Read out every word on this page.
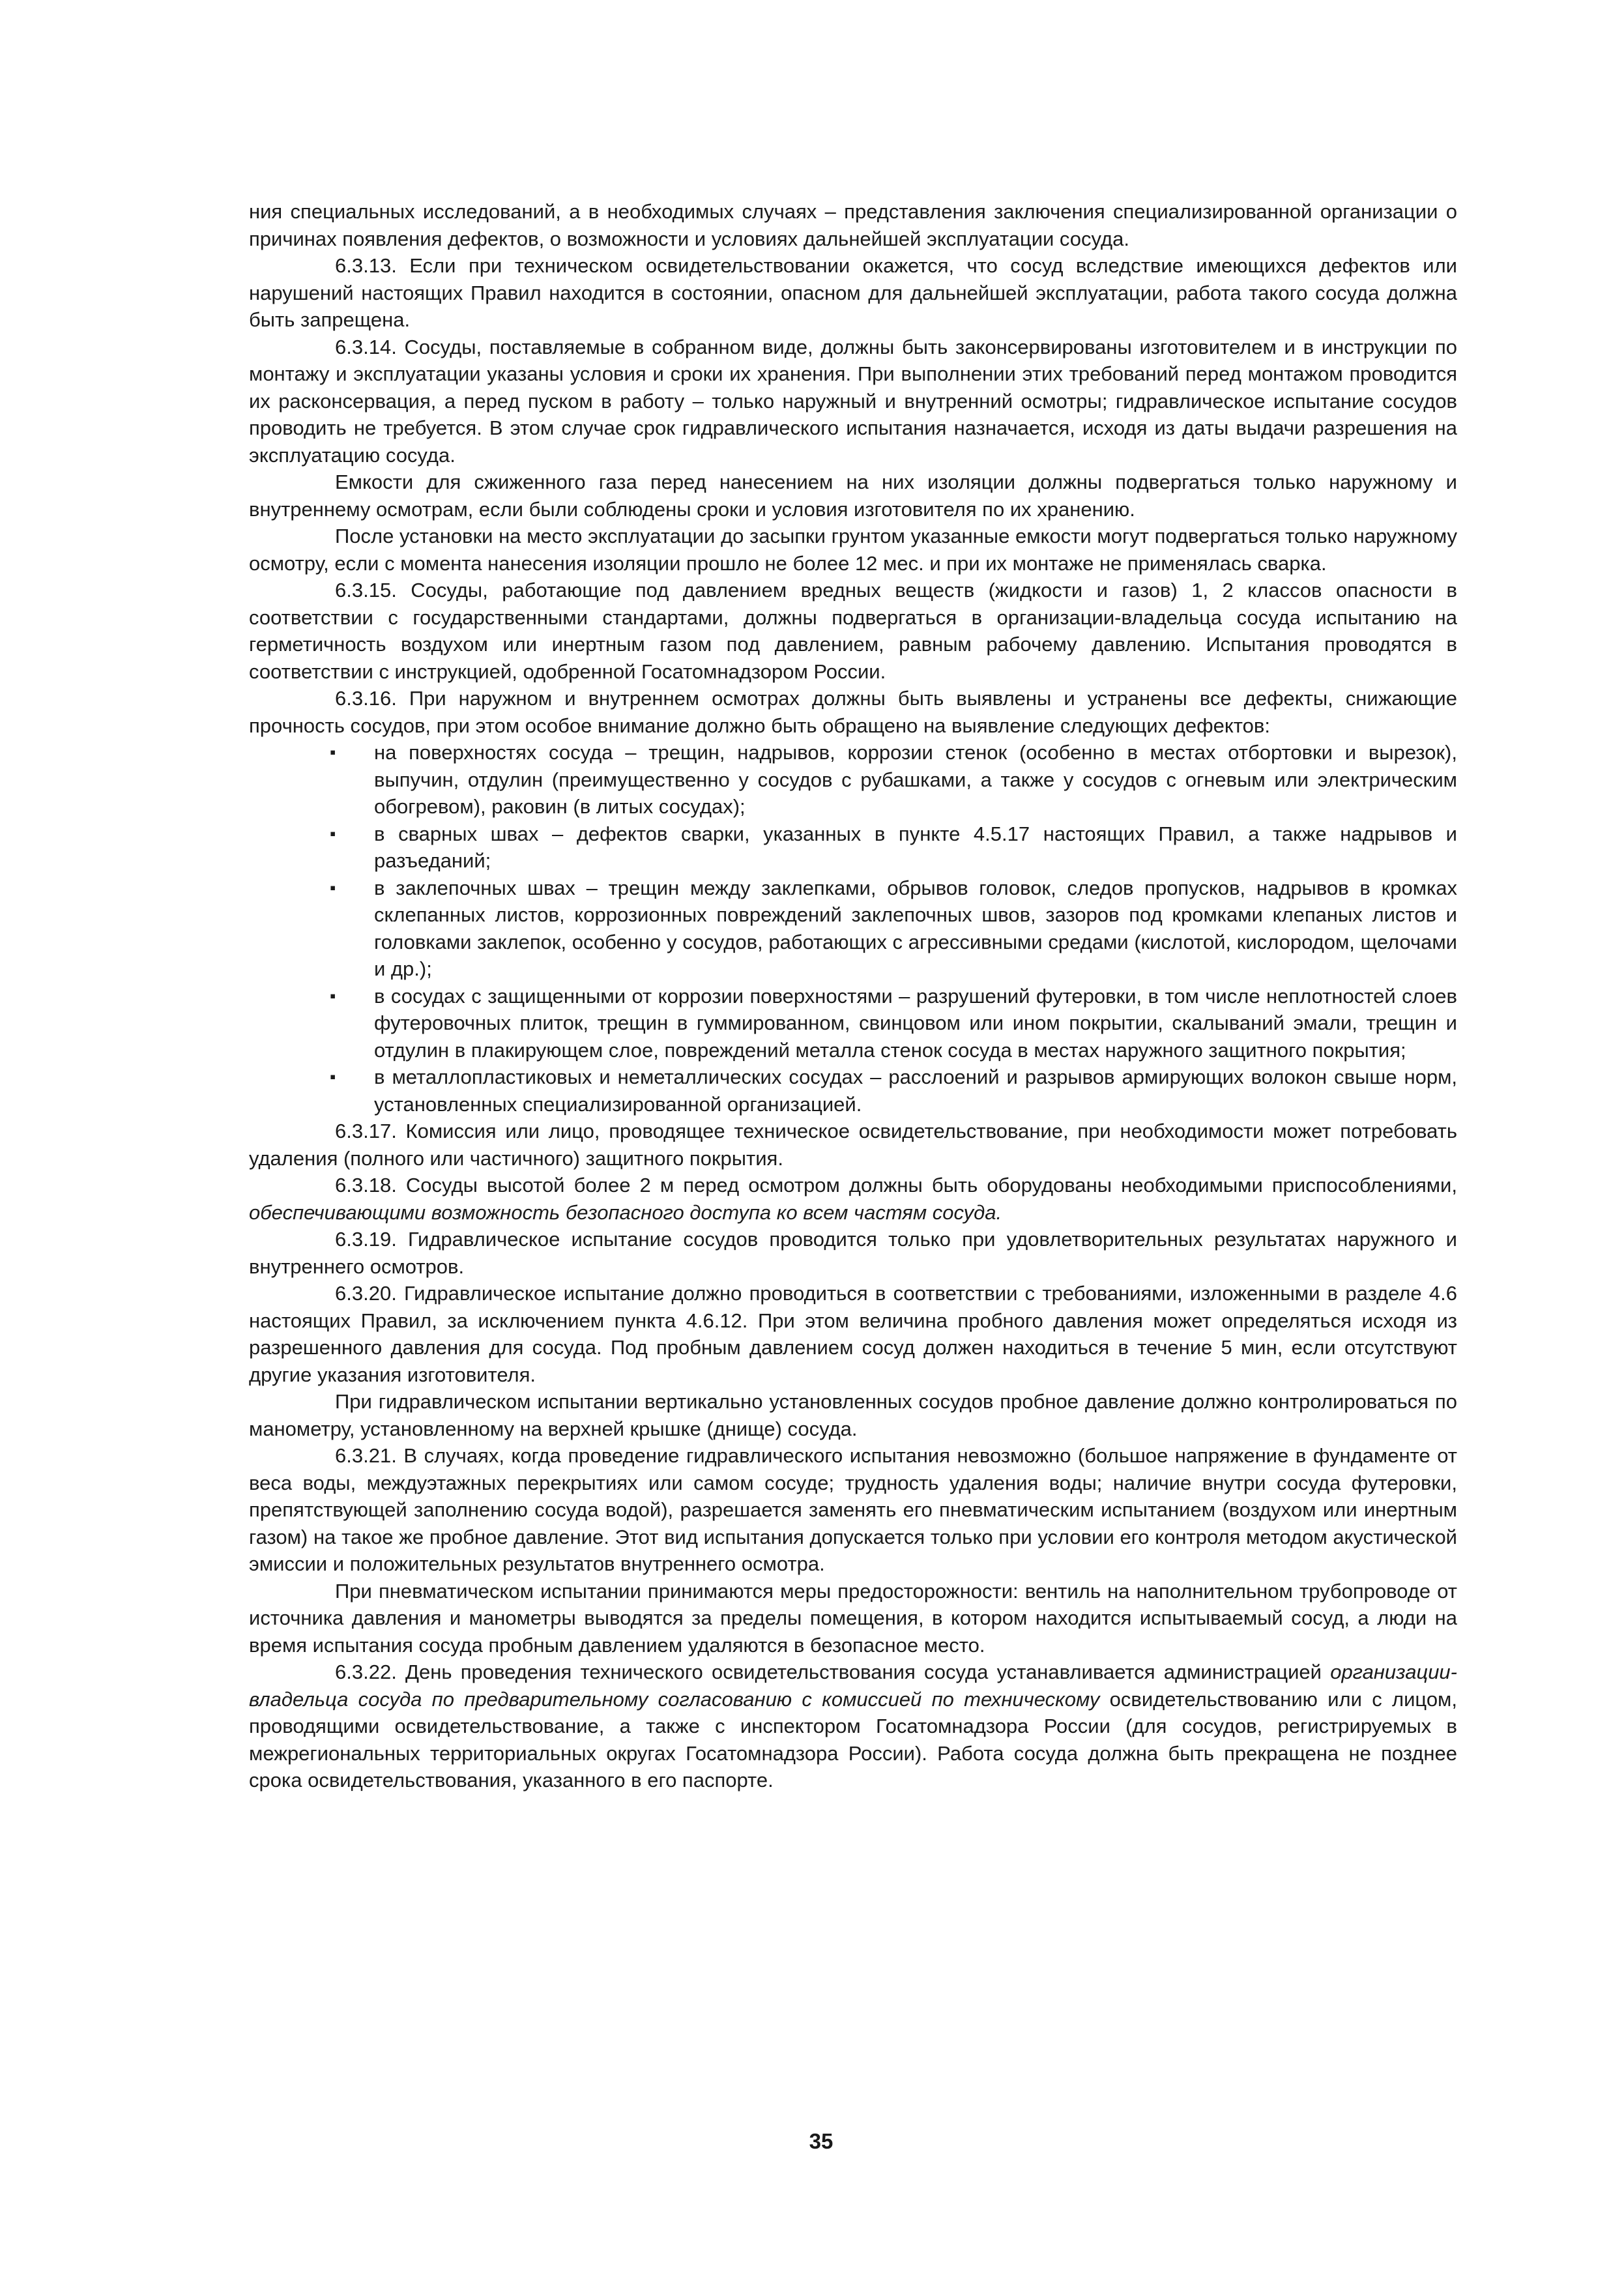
ния специальных исследований, а в необходимых случаях – представления заключения специализированной организации о причинах появления дефектов, о возможности и условиях дальнейшей эксплуатации сосуда.

6.3.13. Если при техническом освидетельствовании окажется, что сосуд вследствие имеющихся дефектов или нарушений настоящих Правил находится в состоянии, опасном для дальнейшей эксплуатации, работа такого сосуда должна быть запрещена.

6.3.14. Сосуды, поставляемые в собранном виде, должны быть законсервированы изготовителем и в инструкции по монтажу и эксплуатации указаны условия и сроки их хранения. При выполнении этих требований перед монтажом проводится их расконсервация, а перед пуском в работу – только наружный и внутренний осмотры; гидравлическое испытание сосудов проводить не требуется. В этом случае срок гидравлического испытания назначается, исходя из даты выдачи разрешения на эксплуатацию сосуда.

Емкости для сжиженного газа перед нанесением на них изоляции должны подвергаться только наружному и внутреннему осмотрам, если были соблюдены сроки и условия изготовителя по их хранению.

После установки на место эксплуатации до засыпки грунтом указанные емкости могут подвергаться только наружному осмотру, если с момента нанесения изоляции прошло не более 12 мес. и при их монтаже не применялась сварка.

6.3.15. Сосуды, работающие под давлением вредных веществ (жидкости и газов) 1, 2 классов опасности в соответствии с государственными стандартами, должны подвергаться в организации-владельца сосуда испытанию на герметичность воздухом или инертным газом под давлением, равным рабочему давлению. Испытания проводятся в соответствии с инструкцией, одобренной Госатомнадзором России.

6.3.16. При наружном и внутреннем осмотрах должны быть выявлены и устранены все дефекты, снижающие прочность сосудов, при этом особое внимание должно быть обращено на выявление следующих дефектов:

▪ на поверхностях сосуда – трещин, надрывов, коррозии стенок (особенно в местах отбортовки и вырезок), выпучин, отдулин (преимущественно у сосудов с рубашками, а также у сосудов с огневым или электрическим обогревом), раковин (в литых сосудах);
▪ в сварных швах – дефектов сварки, указанных в пункте 4.5.17 настоящих Правил, а также надрывов и разъеданий;
▪ в заклепочных швах – трещин между заклепками, обрывов головок, следов пропусков, надрывов в кромках склепанных листов, коррозионных повреждений заклепочных швов, зазоров под кромками клепаных листов и головками заклепок, особенно у сосудов, работающих с агрессивными средами (кислотой, кислородом, щелочами и др.);
▪ в сосудах с защищенными от коррозии поверхностями – разрушений футеровки, в том числе неплотностей слоев футеровочных плиток, трещин в гуммированном, свинцовом или ином покрытии, скалываний эмали, трещин и отдулин в плакирующем слое, повреждений металла стенок сосуда в местах наружного защитного покрытия;
▪ в металлопластиковых и неметаллических сосудах – расслоений и разрывов армирующих волокон свыше норм, установленных специализированной организацией.

6.3.17. Комиссия или лицо, проводящее техническое освидетельствование, при необходимости может потребовать удаления (полного или частичного) защитного покрытия.

6.3.18. Сосуды высотой более 2 м перед осмотром должны быть оборудованы необходимыми приспособлениями, обеспечивающими возможность безопасного доступа ко всем частям сосуда.

6.3.19. Гидравлическое испытание сосудов проводится только при удовлетворительных результатах наружного и внутреннего осмотров.

6.3.20. Гидравлическое испытание должно проводиться в соответствии с требованиями, изложенными в разделе 4.6 настоящих Правил, за исключением пункта 4.6.12. При этом величина пробного давления может определяться исходя из разрешенного давления для сосуда. Под пробным давлением сосуд должен находиться в течение 5 мин, если отсутствуют другие указания изготовителя.

При гидравлическом испытании вертикально установленных сосудов пробное давление должно контролироваться по манометру, установленному на верхней крышке (днище) сосуда.

6.3.21. В случаях, когда проведение гидравлического испытания невозможно (большое напряжение в фундаменте от веса воды, междуэтажных перекрытиях или самом сосуде; трудность удаления воды; наличие внутри сосуда футеровки, препятствующей заполнению сосуда водой), разрешается заменять его пневматическим испытанием (воздухом или инертным газом) на такое же пробное давление. Этот вид испытания допускается только при условии его контроля методом акустической эмиссии и положительных результатов внутреннего осмотра.

При пневматическом испытании принимаются меры предосторожности: вентиль на наполнительном трубопроводе от источника давления и манометры выводятся за пределы помещения, в котором находится испытываемый сосуд, а люди на время испытания сосуда пробным давлением удаляются в безопасное место.

6.3.22. День проведения технического освидетельствования сосуда устанавливается администрацией организации-владельца сосуда по предварительному согласованию с комиссией по техническому освидетельствованию или с лицом, проводящими освидетельствование, а также с инспектором Госатомнадзора России (для сосудов, регистрируемых в межрегиональных территориальных округах Госатомнадзора России). Работа сосуда должна быть прекращена не позднее срока освидетельствования, указанного в его паспорте.

35
